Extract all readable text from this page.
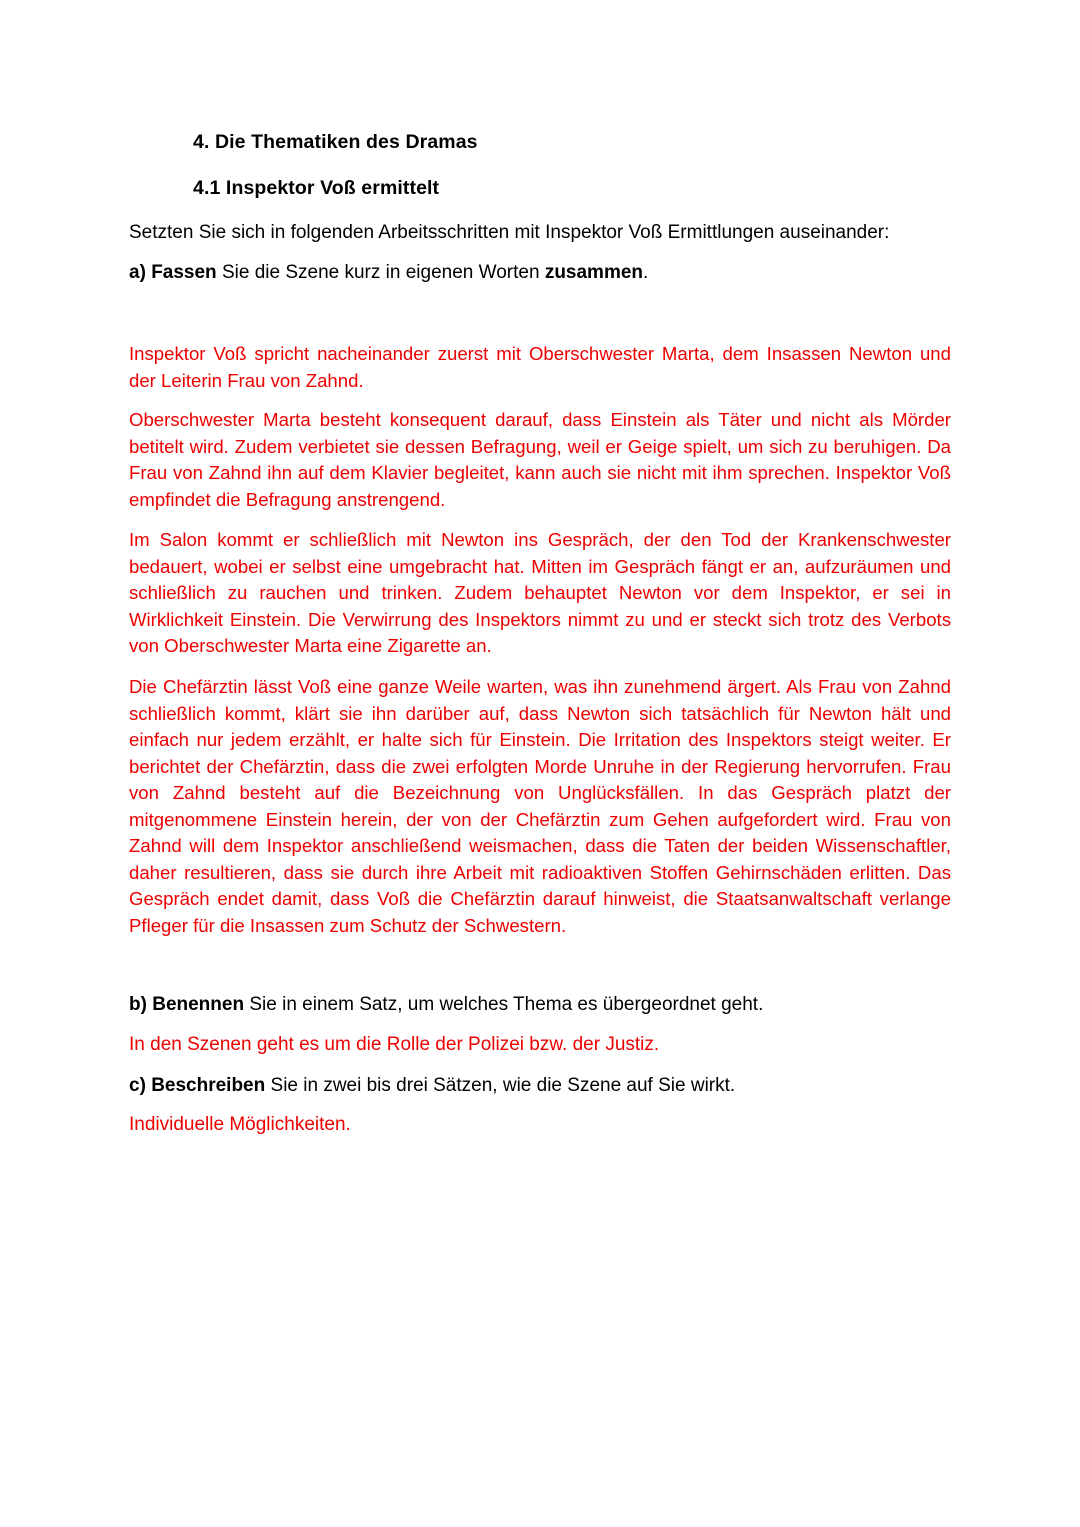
4. Die Thematiken des Dramas
4.1 Inspektor Voß ermittelt
Setzten Sie sich in folgenden Arbeitsschritten mit Inspektor Voß Ermittlungen auseinander:
a) Fassen Sie die Szene kurz in eigenen Worten zusammen.

Inspektor Voß spricht nacheinander zuerst mit Oberschwester Marta, dem Insassen Newton und der Leiterin Frau von Zahnd.

Oberschwester Marta besteht konsequent darauf, dass Einstein als Täter und nicht als Mörder betitelt wird. Zudem verbietet sie dessen Befragung, weil er Geige spielt, um sich zu beruhigen. Da Frau von Zahnd ihn auf dem Klavier begleitet, kann auch sie nicht mit ihm sprechen. Inspektor Voß empfindet die Befragung anstrengend.

Im Salon kommt er schließlich mit Newton ins Gespräch, der den Tod der Krankenschwester bedauert, wobei er selbst eine umgebracht hat. Mitten im Gespräch fängt er an, aufzuräumen und schließlich zu rauchen und trinken. Zudem behauptet Newton vor dem Inspektor, er sei in Wirklichkeit Einstein. Die Verwirrung des Inspektors nimmt zu und er steckt sich trotz des Verbots von Oberschwester Marta eine Zigarette an.

Die Chefärztin lässt Voß eine ganze Weile warten, was ihn zunehmend ärgert. Als Frau von Zahnd schließlich kommt, klärt sie ihn darüber auf, dass Newton sich tatsächlich für Newton hält und einfach nur jedem erzählt, er halte sich für Einstein. Die Irritation des Inspektors steigt weiter. Er berichtet der Chefärztin, dass die zwei erfolgten Morde Unruhe in der Regierung hervorrufen. Frau von Zahnd besteht auf die Bezeichnung von Unglücksfällen. In das Gespräch platzt der mitgenommene Einstein herein, der von der Chefärztin zum Gehen aufgefordert wird. Frau von Zahnd will dem Inspektor anschließend weismachen, dass die Taten der beiden Wissenschaftler, daher resultieren, dass sie durch ihre Arbeit mit radioaktiven Stoffen Gehirnschäden erlitten. Das Gespräch endet damit, dass Voß die Chefärztin darauf hinweist, die Staatsanwaltschaft verlange Pfleger für die Insassen zum Schutz der Schwestern.

b) Benennen Sie in einem Satz, um welches Thema es übergeordnet geht.
In den Szenen geht es um die Rolle der Polizei bzw. der Justiz.
c) Beschreiben Sie in zwei bis drei Sätzen, wie die Szene auf Sie wirkt.
Individuelle Möglichkeiten.
